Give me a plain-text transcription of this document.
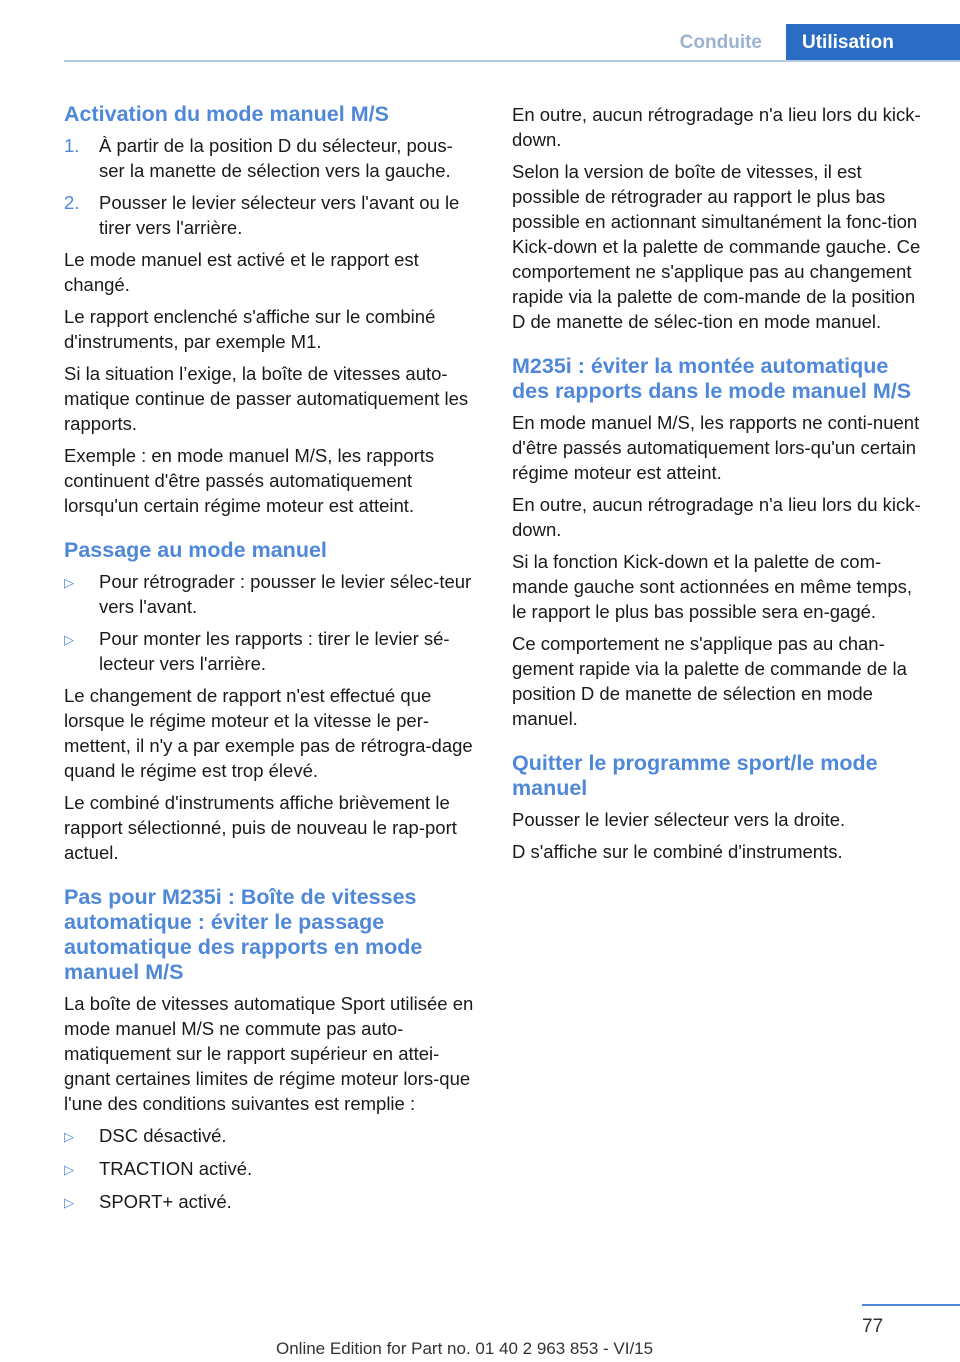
Conduite	Utilisation
Activation du mode manuel M/S
1.	À partir de la position D du sélecteur, pous‐ser la manette de sélection vers la gauche.
2.	Pousser le levier sélecteur vers l'avant ou le tirer vers l'arrière.

Le mode manuel est activé et le rapport est changé.

Le rapport enclenché s'affiche sur le combiné d'instruments, par exemple M1.

Si la situation l’exige, la boîte de vitesses auto‐matique continue de passer automatiquement les rapports.

Exemple : en mode manuel M/S, les rapports continuent d'être passés automatiquement lorsqu'un certain régime moteur est atteint.

Passage au mode manuel
▷	Pour rétrograder : pousser le levier sélec‐teur vers l'avant.
▷	Pour monter les rapports : tirer le levier sé‐lecteur vers l'arrière.

Le changement de rapport n'est effectué que lorsque le régime moteur et la vitesse le per‐mettent, il n'y a par exemple pas de rétrogra‐dage quand le régime est trop élevé.

Le combiné d'instruments affiche brièvement le rapport sélectionné, puis de nouveau le rap‐port actuel.

Pas pour M235i : Boîte de vitesses automatique : éviter le passage automatique des rapports en mode manuel M/S

La boîte de vitesses automatique Sport utilisée en mode manuel M/S ne commute pas auto‐matiquement sur le rapport supérieur en attei‐gnant certaines limites de régime moteur lors‐que l'une des conditions suivantes est remplie :

▷	DSC désactivé.
▷	TRACTION activé.
▷	SPORT+ activé.

En outre, aucun rétrogradage n'a lieu lors du kick-down.

Selon la version de boîte de vitesses, il est possible de rétrograder au rapport le plus bas possible en actionnant simultanément la fonc‐tion Kick-down et la palette de commande gauche. Ce comportement ne s'applique pas au changement rapide via la palette de com‐mande de la position D de manette de sélec‐tion en mode manuel.

M235i : éviter la montée automatique des rapports dans le mode manuel M/S

En mode manuel M/S, les rapports ne conti‐nuent d'être passés automatiquement lors‐qu'un certain régime moteur est atteint.

En outre, aucun rétrogradage n'a lieu lors du kick-down.

Si la fonction Kick-down et la palette de com‐mande gauche sont actionnées en même temps, le rapport le plus bas possible sera en‐gagé.

Ce comportement ne s'applique pas au chan‐gement rapide via la palette de commande de la position D de manette de sélection en mode manuel.

Quitter le programme sport/le mode manuel

Pousser le levier sélecteur vers la droite.

D s'affiche sur le combiné d'instruments.

77
Online Edition for Part no. 01 40 2 963 853 - VI/15
